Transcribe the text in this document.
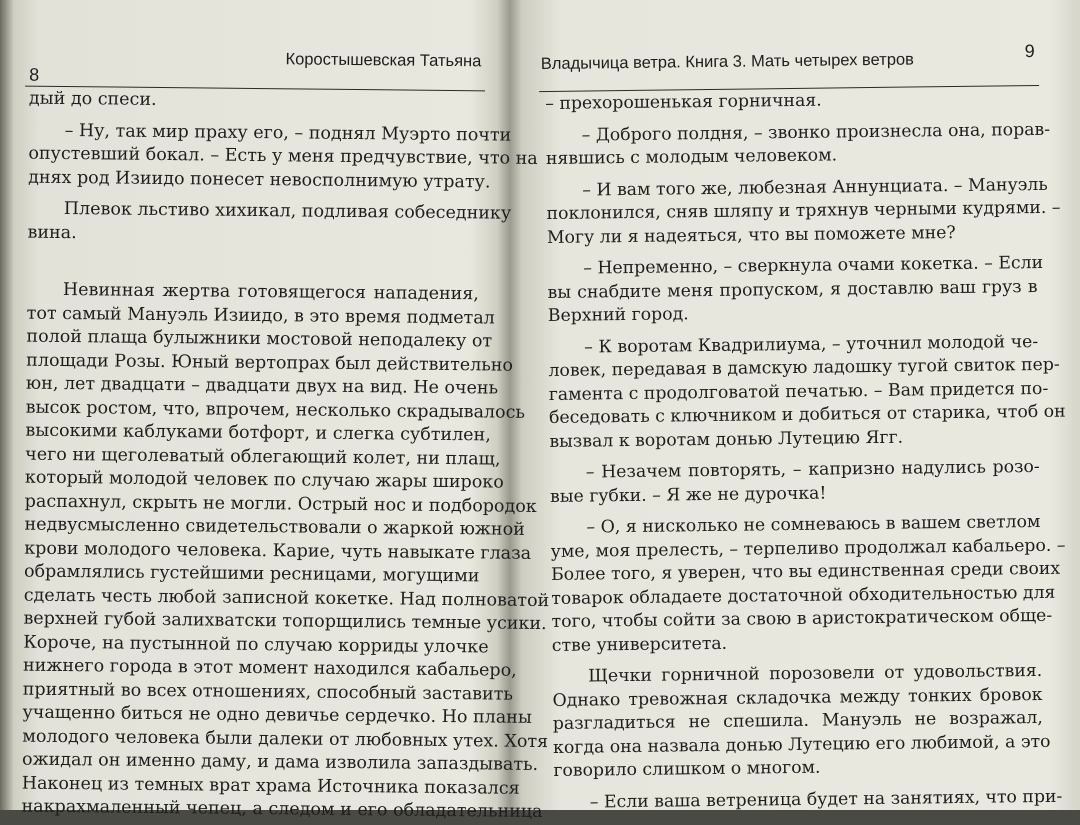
8
Коростышевская Татьяна
дый до спеси.
– Ну, так мир праху его, – поднял Муэрто почти
опустевший бокал. – Есть у меня предчувствие, что на
днях род Изиидо понесет невосполнимую утрату.
Плевок льстиво хихикал, подливая собеседнику
вина.
Невинная жертва готовящегося нападения,
тот самый Мануэль Изиидо, в это время подметал
полой плаща булыжники мостовой неподалеку от
площади Розы. Юный вертопрах был действительно
юн, лет двадцати – двадцати двух на вид. Не очень
высок ростом, что, впрочем, несколько скрадывалось
высокими каблуками ботфорт, и слегка субтилен,
чего ни щеголеватый облегающий колет, ни плащ,
который молодой человек по случаю жары широко
распахнул, скрыть не могли. Острый нос и подбородок
недвусмысленно свидетельствовали о жаркой южной
крови молодого человека. Карие, чуть навыкате глаза
обрамлялись густейшими ресницами, могущими
сделать честь любой записной кокетке. Над полноватой
верхней губой залихватски топорщились темные усики.
Короче, на пустынной по случаю корриды улочке
нижнего города в этот момент находился кабальеро,
приятный во всех отношениях, способный заставить
учащенно биться не одно девичье сердечко. Но планы
молодого человека были далеки от любовных утех. Хотя
ожидал он именно даму, и дама изволила запаздывать.
Наконец из темных врат храма Источника показался
накрахмаленный чепец, а следом и его обладательница
Владычица ветра. Книга 3. Мать четырех ветров	9
– прехорошенькая горничная.
– Доброго полдня, – звонко произнесла она, порав-
нявшись с молодым человеком.
– И вам того же, любезная Аннунциата. – Мануэль
поклонился, сняв шляпу и тряхнув черными кудрями. –
Могу ли я надеяться, что вы поможете мне?
– Непременно, – сверкнула очами кокетка. – Если
вы снабдите меня пропуском, я доставлю ваш груз в
Верхний город.
– К воротам Квадрилиума, – уточнил молодой че-
ловек, передавая в дамскую ладошку тугой свиток пер-
гамента с продолговатой печатью. – Вам придется по-
беседовать с ключником и добиться от старика, чтоб он
вызвал к воротам донью Лутецию Ягг.
– Незачем повторять, – капризно надулись розо-
вые губки. – Я же не дурочка!
– О, я нисколько не сомневаюсь в вашем светлом
уме, моя прелесть, – терпеливо продолжал кабальеро. –
Более того, я уверен, что вы единственная среди своих
товарок обладаете достаточной обходительностью для
того, чтобы сойти за свою в аристократическом обще-
стве университета.
Щечки горничной порозовели от удовольствия.
Однако тревожная складочка между тонких бровок
разгладиться не спешила. Мануэль не возражал,
когда она назвала донью Лутецию его любимой, а это
говорило слишком о многом.
– Если ваша ветреница будет на занятиях, что при-
